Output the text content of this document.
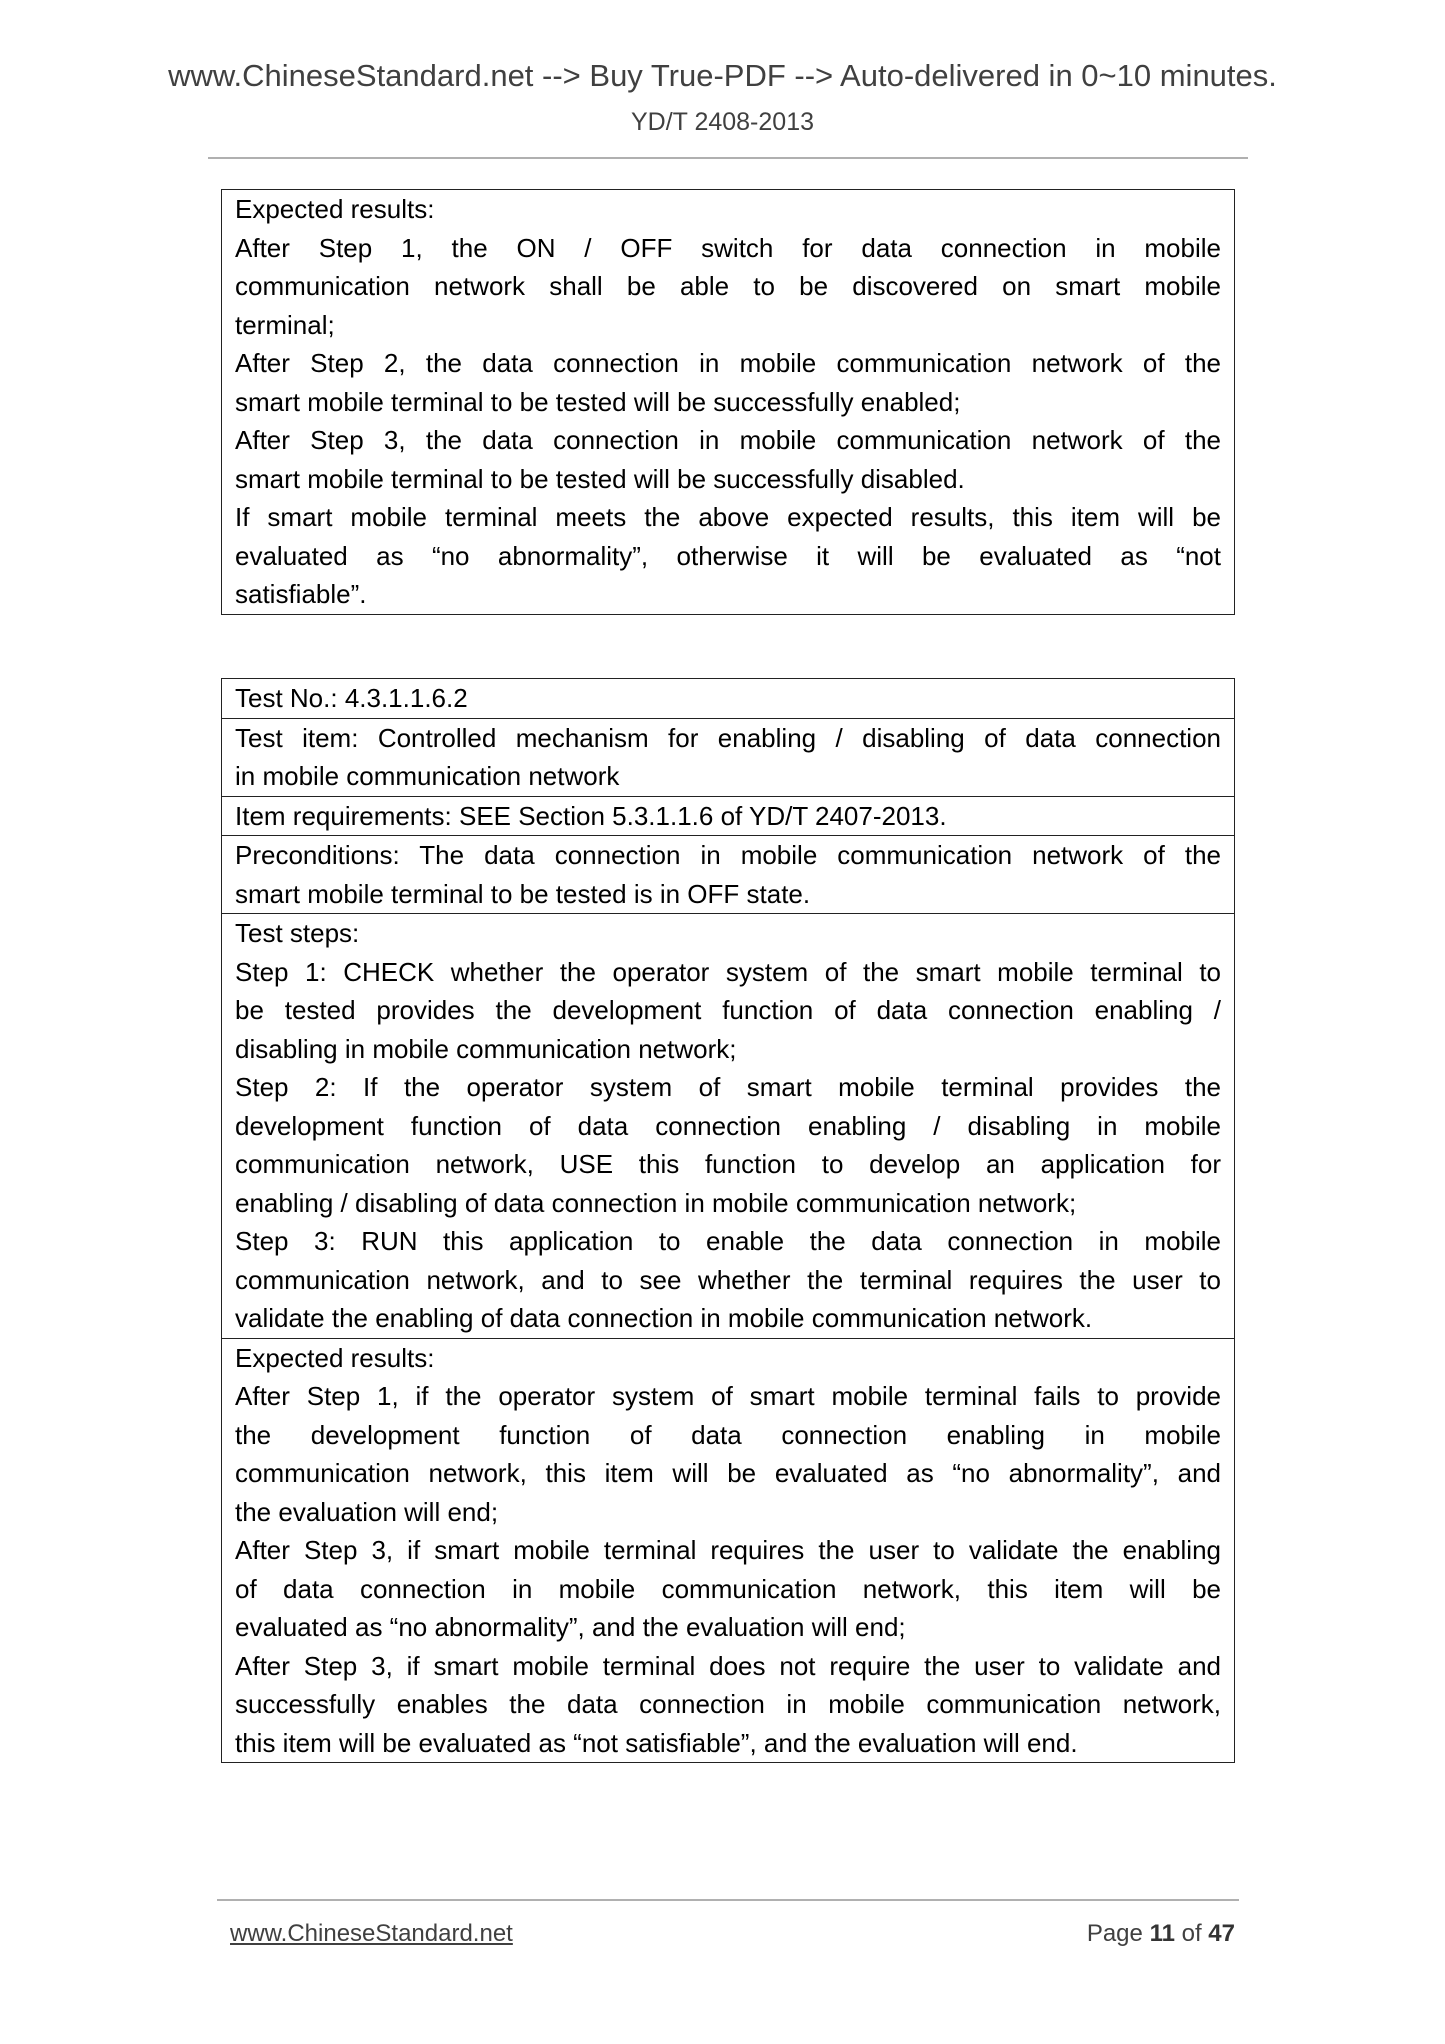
www.ChineseStandard.net --> Buy True-PDF --> Auto-delivered in 0~10 minutes.
YD/T 2408-2013
Expected results:
After Step 1, the ON / OFF switch for data connection in mobile
communication network shall be able to be discovered on smart mobile
terminal;
After Step 2, the data connection in mobile communication network of the
smart mobile terminal to be tested will be successfully enabled;
After Step 3, the data connection in mobile communication network of the
smart mobile terminal to be tested will be successfully disabled.
If smart mobile terminal meets the above expected results, this item will be
evaluated as “no abnormality”, otherwise it will be evaluated as “not
satisfiable”.
Test No.: 4.3.1.1.6.2
Test item: Controlled mechanism for enabling / disabling of data connection
in mobile communication network
Item requirements: SEE Section 5.3.1.1.6 of YD/T 2407-2013.
Preconditions: The data connection in mobile communication network of the
smart mobile terminal to be tested is in OFF state.
Test steps:
Step 1: CHECK whether the operator system of the smart mobile terminal to
be tested provides the development function of data connection enabling /
disabling in mobile communication network;
Step 2: If the operator system of smart mobile terminal provides the
development function of data connection enabling / disabling in mobile
communication network, USE this function to develop an application for
enabling / disabling of data connection in mobile communication network;
Step 3: RUN this application to enable the data connection in mobile
communication network, and to see whether the terminal requires the user to
validate the enabling of data connection in mobile communication network.
Expected results:
After Step 1, if the operator system of smart mobile terminal fails to provide
the development function of data connection enabling in mobile
communication network, this item will be evaluated as “no abnormality”, and
the evaluation will end;
After Step 3, if smart mobile terminal requires the user to validate the enabling
of data connection in mobile communication network, this item will be
evaluated as “no abnormality”, and the evaluation will end;
After Step 3, if smart mobile terminal does not require the user to validate and
successfully enables the data connection in mobile communication network,
this item will be evaluated as “not satisfiable”, and the evaluation will end.
www.ChineseStandard.net	Page 11 of 47
